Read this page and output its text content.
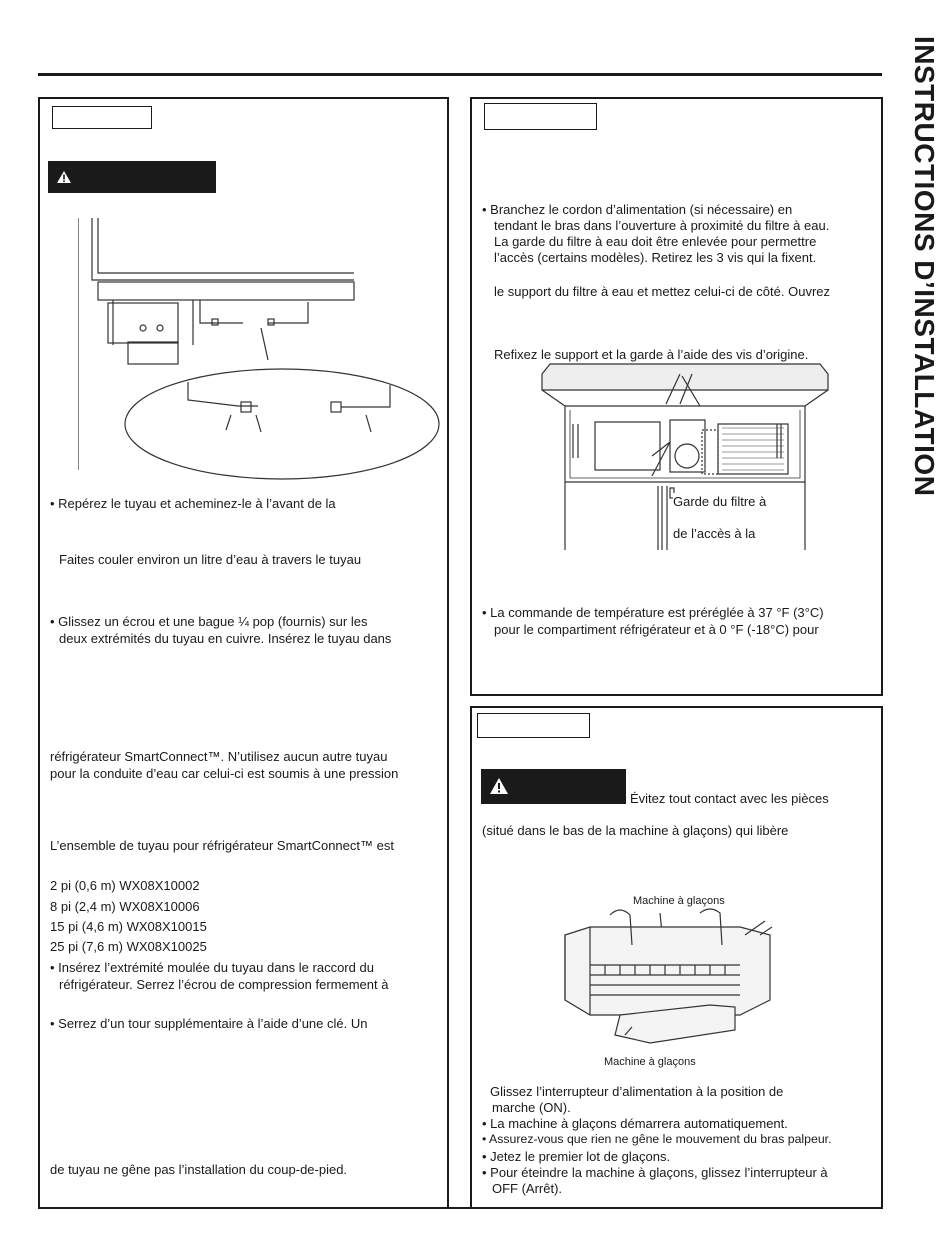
INSTRUCTIONS D’INSTALLATION
• Repérez le tuyau et acheminez-le à l’avant de la
Faites couler environ un litre d’eau à travers le tuyau
• Glissez un écrou et une bague ¼ pop (fournis) sur les
deux extrémités du tuyau en cuivre. Insérez le tuyau dans
réfrigérateur SmartConnect™. N’utilisez aucun autre tuyau
pour la conduite d’eau car celui-ci est soumis à une pression
L’ensemble de tuyau pour réfrigérateur SmartConnect™ est
2 pi (0,6 m) WX08X10002
8 pi (2,4 m) WX08X10006
15 pi (4,6 m) WX08X10015
25 pi (7,6 m) WX08X10025
• Insérez l’extrémité moulée du tuyau dans le raccord du
réfrigérateur. Serrez l’écrou de compression fermement à
• Serrez d’un tour supplémentaire à l’aide d’une clé. Un
de tuyau ne gêne pas l’installation du coup-de-pied.
• Branchez le cordon d’alimentation (si nécessaire) en
tendant le bras dans l’ouverture à proximité du filtre à eau.
La garde du filtre à eau doit être enlevée pour permettre
l’accès (certains modèles). Retirez les 3 vis qui la fixent.
le support du filtre à eau et mettez celui-ci de côté. Ouvrez
Refixez le support et la garde à l’aide des vis d’origine.
Garde du filtre à
de l’accès à la
• La commande de température est préréglée à 37 °F (3°C)
pour le compartiment réfrigérateur et à 0 °F (-18°C) pour
Évitez tout contact avec les pièces
(situé dans le bas de la machine à glaçons) qui libère
Machine à glaçons
Machine à glaçons
Glissez l’interrupteur d’alimentation à la position de
marche (ON).
• La machine à glaçons démarrera automatiquement.
• Assurez-vous que rien ne gêne le mouvement du bras palpeur.
• Jetez le premier lot de glaçons.
• Pour éteindre la machine à glaçons, glissez l’interrupteur à
OFF (Arrêt).
